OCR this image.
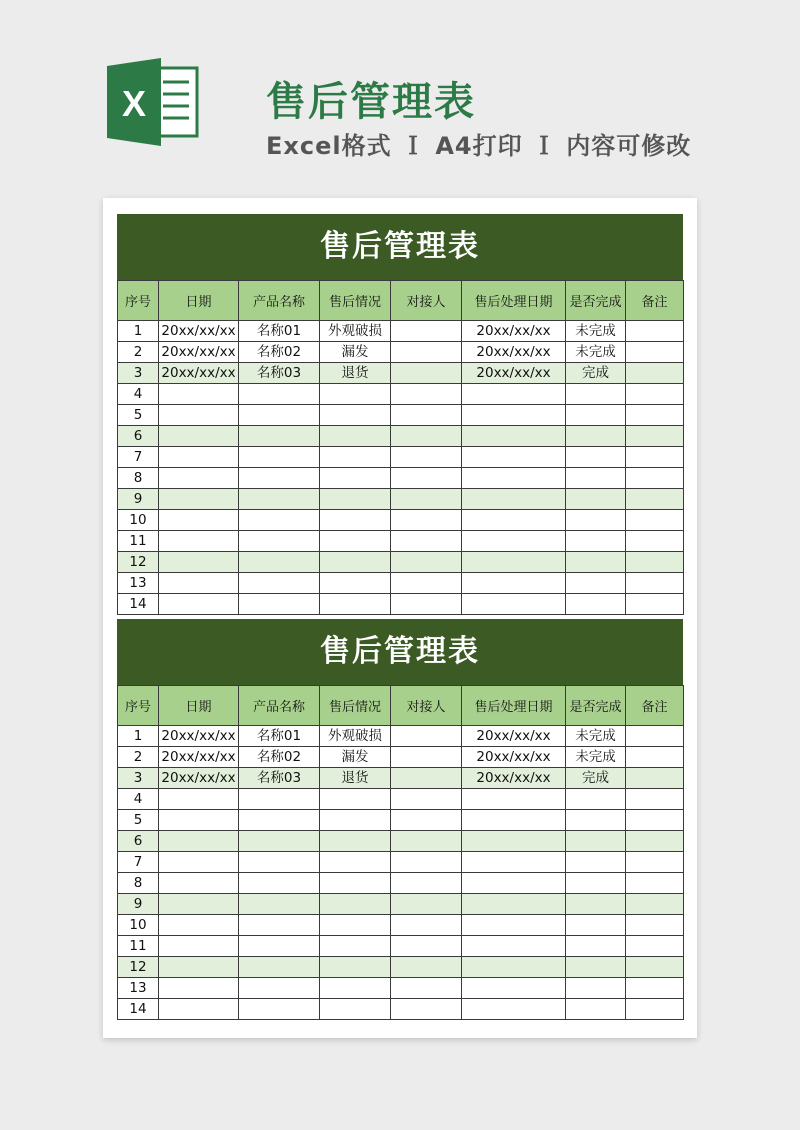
X	售后管理表
Excel格式 Ｉ A4打印 Ｉ 内容可修改
售后管理表
序号	日期	产品名称	售后情况	对接人	售后处理日期	是否完成	备注
1	20xx/xx/xx	名称01	外观破损		20xx/xx/xx	未完成	
2	20xx/xx/xx	名称02	漏发		20xx/xx/xx	未完成	
3	20xx/xx/xx	名称03	退货		20xx/xx/xx	完成	
4							
5							
6							
7							
8							
9							
10							
11							
12							
13							
14							
售后管理表
序号	日期	产品名称	售后情况	对接人	售后处理日期	是否完成	备注
1	20xx/xx/xx	名称01	外观破损		20xx/xx/xx	未完成	
2	20xx/xx/xx	名称02	漏发		20xx/xx/xx	未完成	
3	20xx/xx/xx	名称03	退货		20xx/xx/xx	完成	
4							
5							
6							
7							
8							
9							
10							
11							
12							
13							
14							
